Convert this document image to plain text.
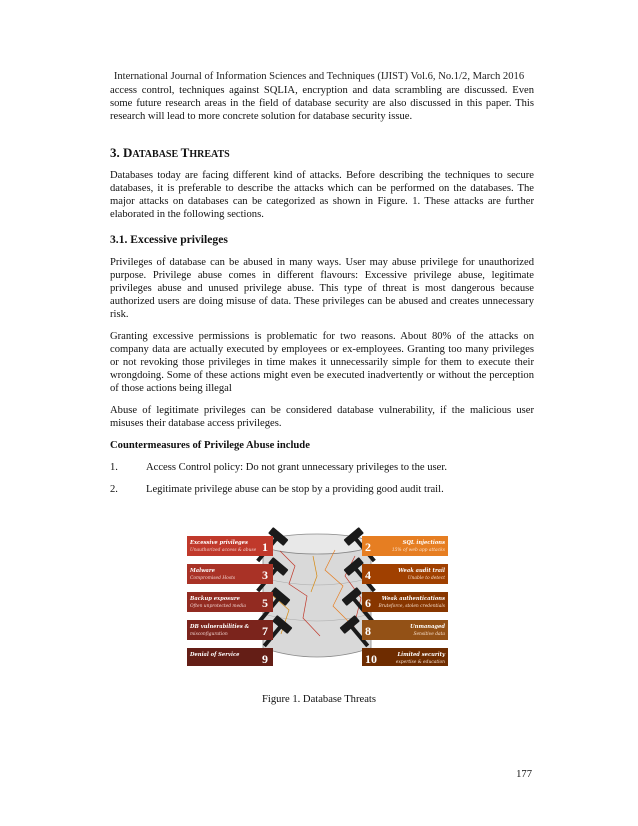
International Journal of Information Sciences and Techniques (IJIST) Vol.6, No.1/2, March 2016

access control, techniques against SQLIA, encryption and data scrambling are discussed. Even some future research areas in the field of database security are also discussed in this paper. This research will lead to more concrete solution for database security issue.

3. DATABASE THREATS

Databases today are facing different kind of attacks. Before describing the techniques to secure databases, it is preferable to describe the attacks which can be performed on the databases. The major attacks on databases can be categorized as shown in Figure. 1. These attacks are further elaborated in the following sections.

3.1. Excessive privileges

Privileges of database can be abused in many ways. User may abuse privilege for unauthorized purpose. Privilege abuse comes in different flavours: Excessive privilege abuse, legitimate privileges abuse and unused privilege abuse. This type of threat is most dangerous because authorized users are doing misuse of data. These privileges can be abused and creates unnecessary risk.

Granting excessive permissions is problematic for two reasons. About 80% of the attacks on company data are actually executed by employees or ex-employees. Granting too many privileges or not revoking those privileges in time makes it unnecessarily simple for them to execute their wrongdoing. Some of these actions might even be executed inadvertently or without the perception of those actions being illegal

Abuse of legitimate privileges can be considered database vulnerability, if the malicious user misuses their database access privileges.

Countermeasures of Privilege Abuse include

1.	Access Control policy: Do not grant unnecessary privileges to the user.
2.	Legitimate privilege abuse can be stop by a providing good audit trail.
Excessive privileges
Unauthorized access & abuse 1
Malware
Compromised Hosts 3
Backup exposure
Often unprotected media 5
DB vulnerabilities &
misconfiguration	7
Denial of Service 9
2	SQL injections
15% of web app attacks
4	Weak audit trail
Unable to detect
6 Weak authentications
Bruteforce, stolen credentials
8	Unmanaged
Sensitive data
10	Limited security
expertise & education
Figure 1. Database Threats
177
